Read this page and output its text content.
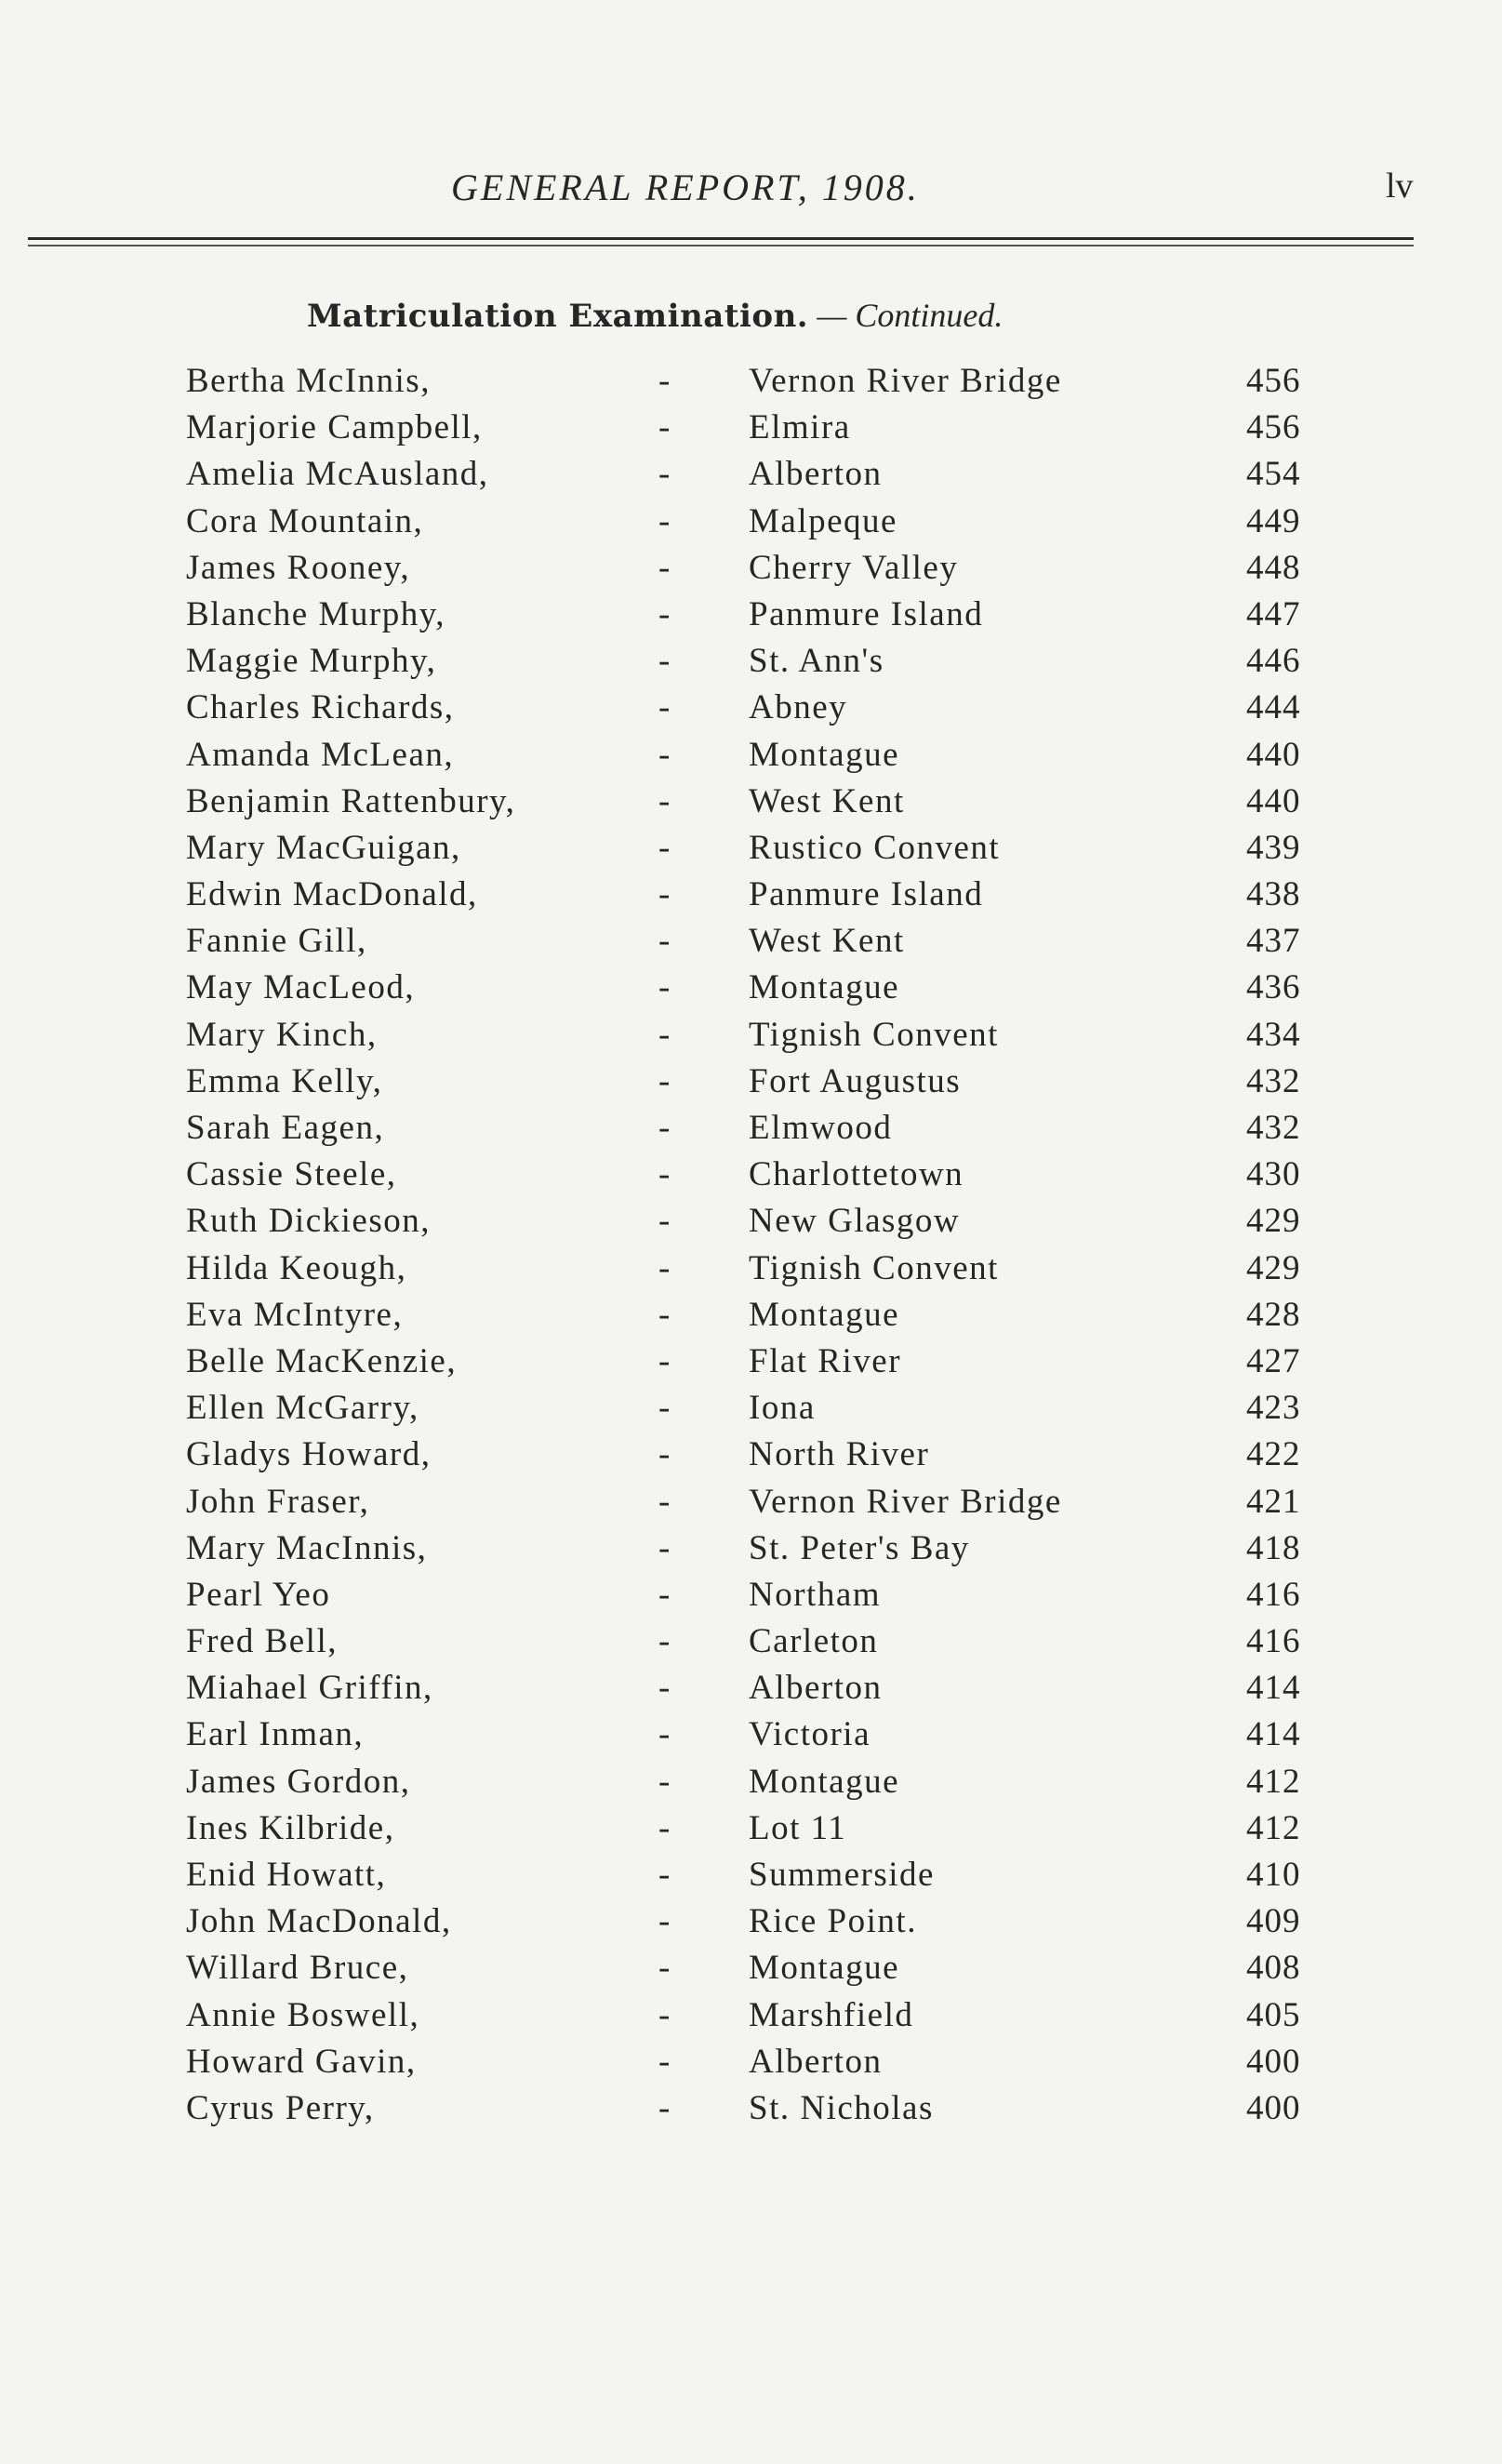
GENERAL REPORT, 1908.	lv
Matriculation Examination. — Continued.
Bertha McInnis,	- Vernon River Bridge	456
Marjorie Campbell,	- Elmira	456
Amelia McAusland,	- Alberton	454
Cora Mountain,	- Malpeque	449
James Rooney,	- Cherry Valley	448
Blanche Murphy,	- Panmure Island	447
Maggie Murphy,	- St. Ann's	446
Charles Richards,	- Abney	444
Amanda McLean,	- Montague	440
Benjamin Rattenbury,	- West Kent	440
Mary MacGuigan,	- Rustico Convent	439
Edwin MacDonald,	- Panmure Island	438
Fannie Gill,	- West Kent	437
May MacLeod,	- Montague	436
Mary Kinch,	- Tignish Convent	434
Emma Kelly,	- Fort Augustus	432
Sarah Eagen,	- Elmwood	432
Cassie Steele,	- Charlottetown	430
Ruth Dickieson,	- New Glasgow	429
Hilda Keough,	- Tignish Convent	429
Eva McIntyre,	- Montague	428
Belle MacKenzie,	- Flat River	427
Ellen McGarry,	- Iona	423
Gladys Howard,	- North River	422
John Fraser,	- Vernon River Bridge	421
Mary MacInnis,	- St. Peter's Bay	418
Pearl Yeo	- Northam	416
Fred Bell,	- Carleton	416
Miahael Griffin,	- Alberton	414
Earl Inman,	- Victoria	414
James Gordon,	- Montague	412
Ines Kilbride,	- Lot 11	412
Enid Howatt,	- Summerside	410
John MacDonald,	- Rice Point.	409
Willard Bruce,	- Montague	408
Annie Boswell,	- Marshfield	405
Howard Gavin,	- Alberton	400
Cyrus Perry,	- St. Nicholas	400
